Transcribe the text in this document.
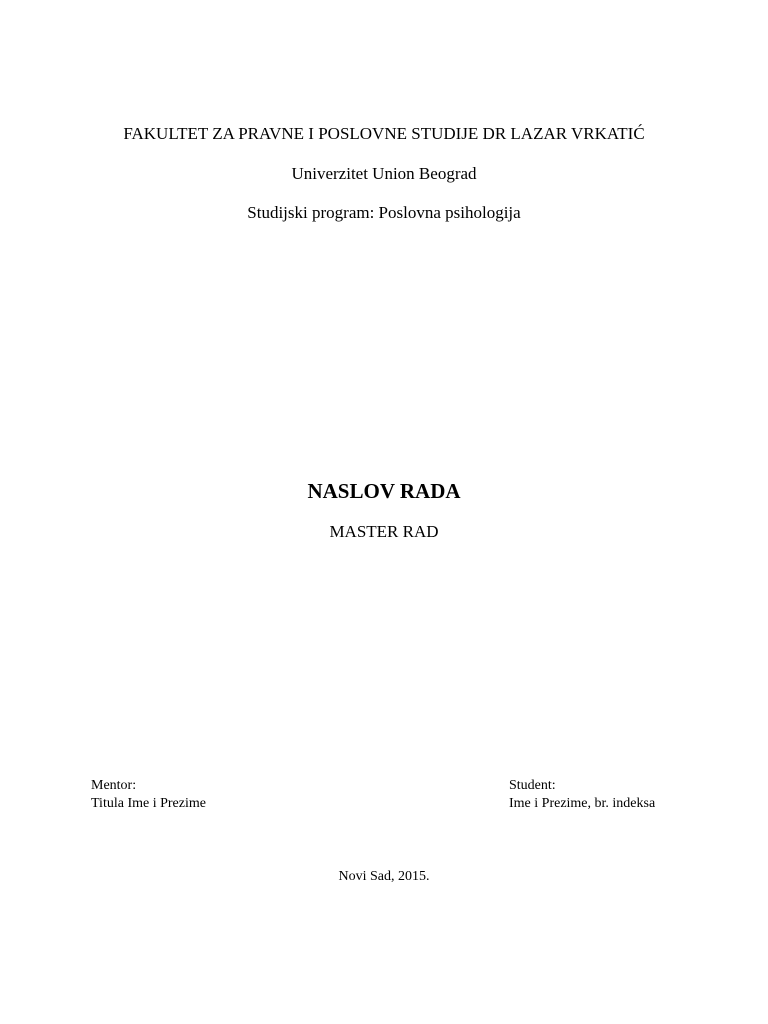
FAKULTET ZA PRAVNE I POSLOVNE STUDIJE DR LAZAR VRKATIĆ
Univerzitet Union Beograd
Studijski program: Poslovna psihologija
NASLOV RADA
MASTER RAD
Mentor:
Titula Ime i Prezime
Student:
Ime i Prezime, br. indeksa
Novi Sad, 2015.
